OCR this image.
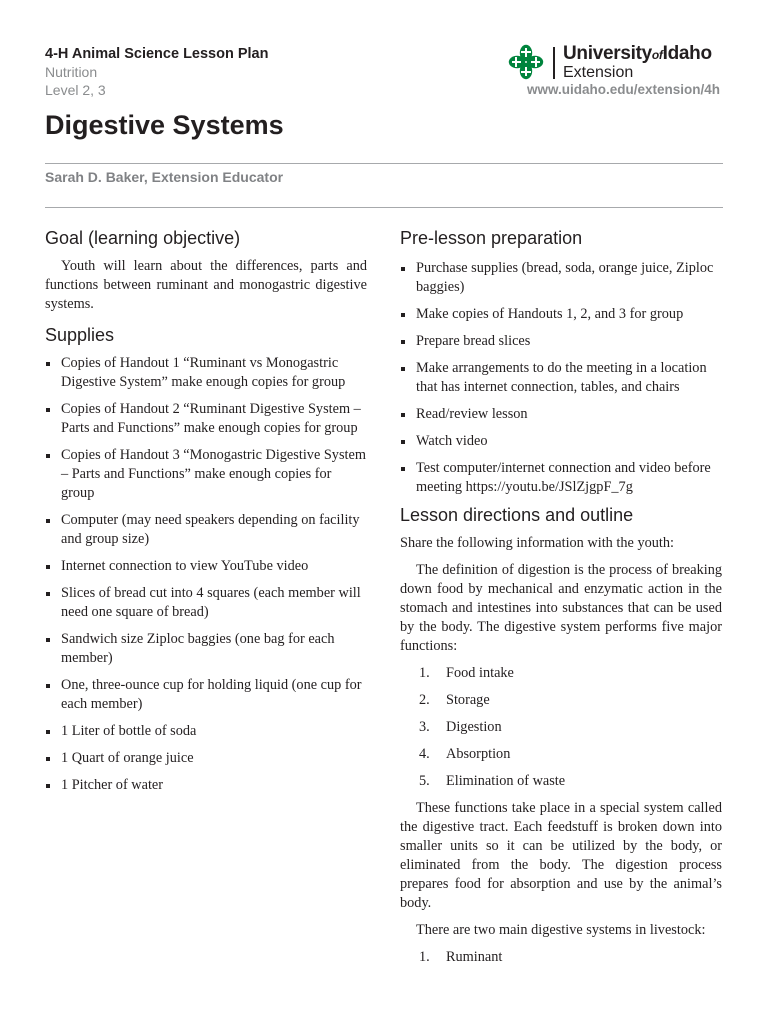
4-H Animal Science Lesson Plan
Nutrition
Level 2, 3
UniversityofIdaho
Extension
www.uidaho.edu/extension/4h
Digestive Systems
Sarah D. Baker, Extension Educator
Goal (learning objective)

Youth will learn about the differences, parts and functions between ruminant and monogastric digestive systems.

Supplies
Copies of Handout 1 “Ruminant vs Monogastric Digestive System” make enough copies for group
Copies of Handout 2 “Ruminant Digestive System – Parts and Functions” make enough copies for group
Copies of Handout 3 “Monogastric Digestive System – Parts and Functions” make enough copies for group
Computer (may need speakers depending on facility and group size)
Internet connection to view YouTube video
Slices of bread cut into 4 squares (each member will need one square of bread)
Sandwich size Ziploc baggies (one bag for each member)
One, three-ounce cup for holding liquid (one cup for each member)
1 Liter of bottle of soda
1 Quart of orange juice
1 Pitcher of water
Pre-lesson preparation
Purchase supplies (bread, soda, orange juice, Ziploc baggies)
Make copies of Handouts 1, 2, and 3 for group
Prepare bread slices
Make arrangements to do the meeting in a location that has internet connection, tables, and chairs
Read/review lesson
Watch video
Test computer/internet connection and video before meeting https://youtu.be/JSlZjgpF_7g
Lesson directions and outline

Share the following information with the youth:

The definition of digestion is the process of breaking down food by mechanical and enzymatic action in the stomach and intestines into substances that can be used by the body. The digestive system performs five major functions:

1. Food intake
2. Storage
3. Digestion
4. Absorption
5. Elimination of waste

These functions take place in a special system called the digestive tract. Each feedstuff is broken down into smaller units so it can be utilized by the body, or eliminated from the body. The digestion process prepares food for absorption and use by the animal’s body.

There are two main digestive systems in livestock:

1. Ruminant
